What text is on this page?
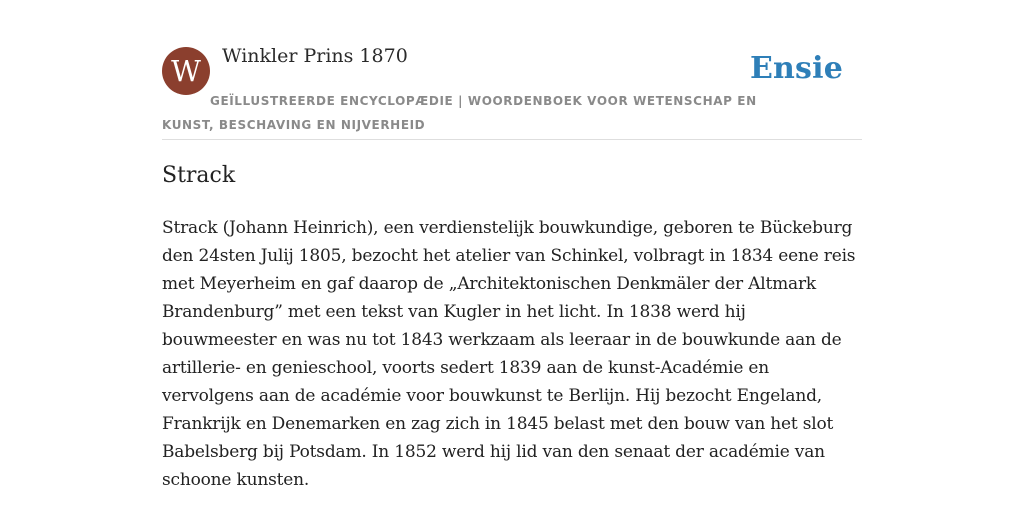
W	Winkler Prins 1870	Ensie
GEÏLLUSTREERDE ENCYCLOPÆDIE | WOORDENBOEK VOOR WETENSCHAP EN KUNST, BESCHAVING EN NIJVERHEID
Strack

Strack (Johann Heinrich), een verdienstelijk bouwkundige, geboren te Bückeburg den 24sten Julij 1805, bezocht het atelier van Schinkel, volbragt in 1834 eene reis met Meyerheim en gaf daarop de „Architektonischen Denkmäler der Altmark Brandenburg” met een tekst van Kugler in het licht. In 1838 werd hij bouwmeester en was nu tot 1843 werkzaam als leeraar in de bouwkunde aan de artillerie- en genieschool, voorts sedert 1839 aan de kunst-Académie en vervolgens aan de académie voor bouwkunst te Berlijn. Hij bezocht Engeland, Frankrijk en Denemarken en zag zich in 1845 belast met den bouw van het slot Babelsberg bij Potsdam. In 1852 werd hij lid van den senaat der académie van schoone kunsten.
